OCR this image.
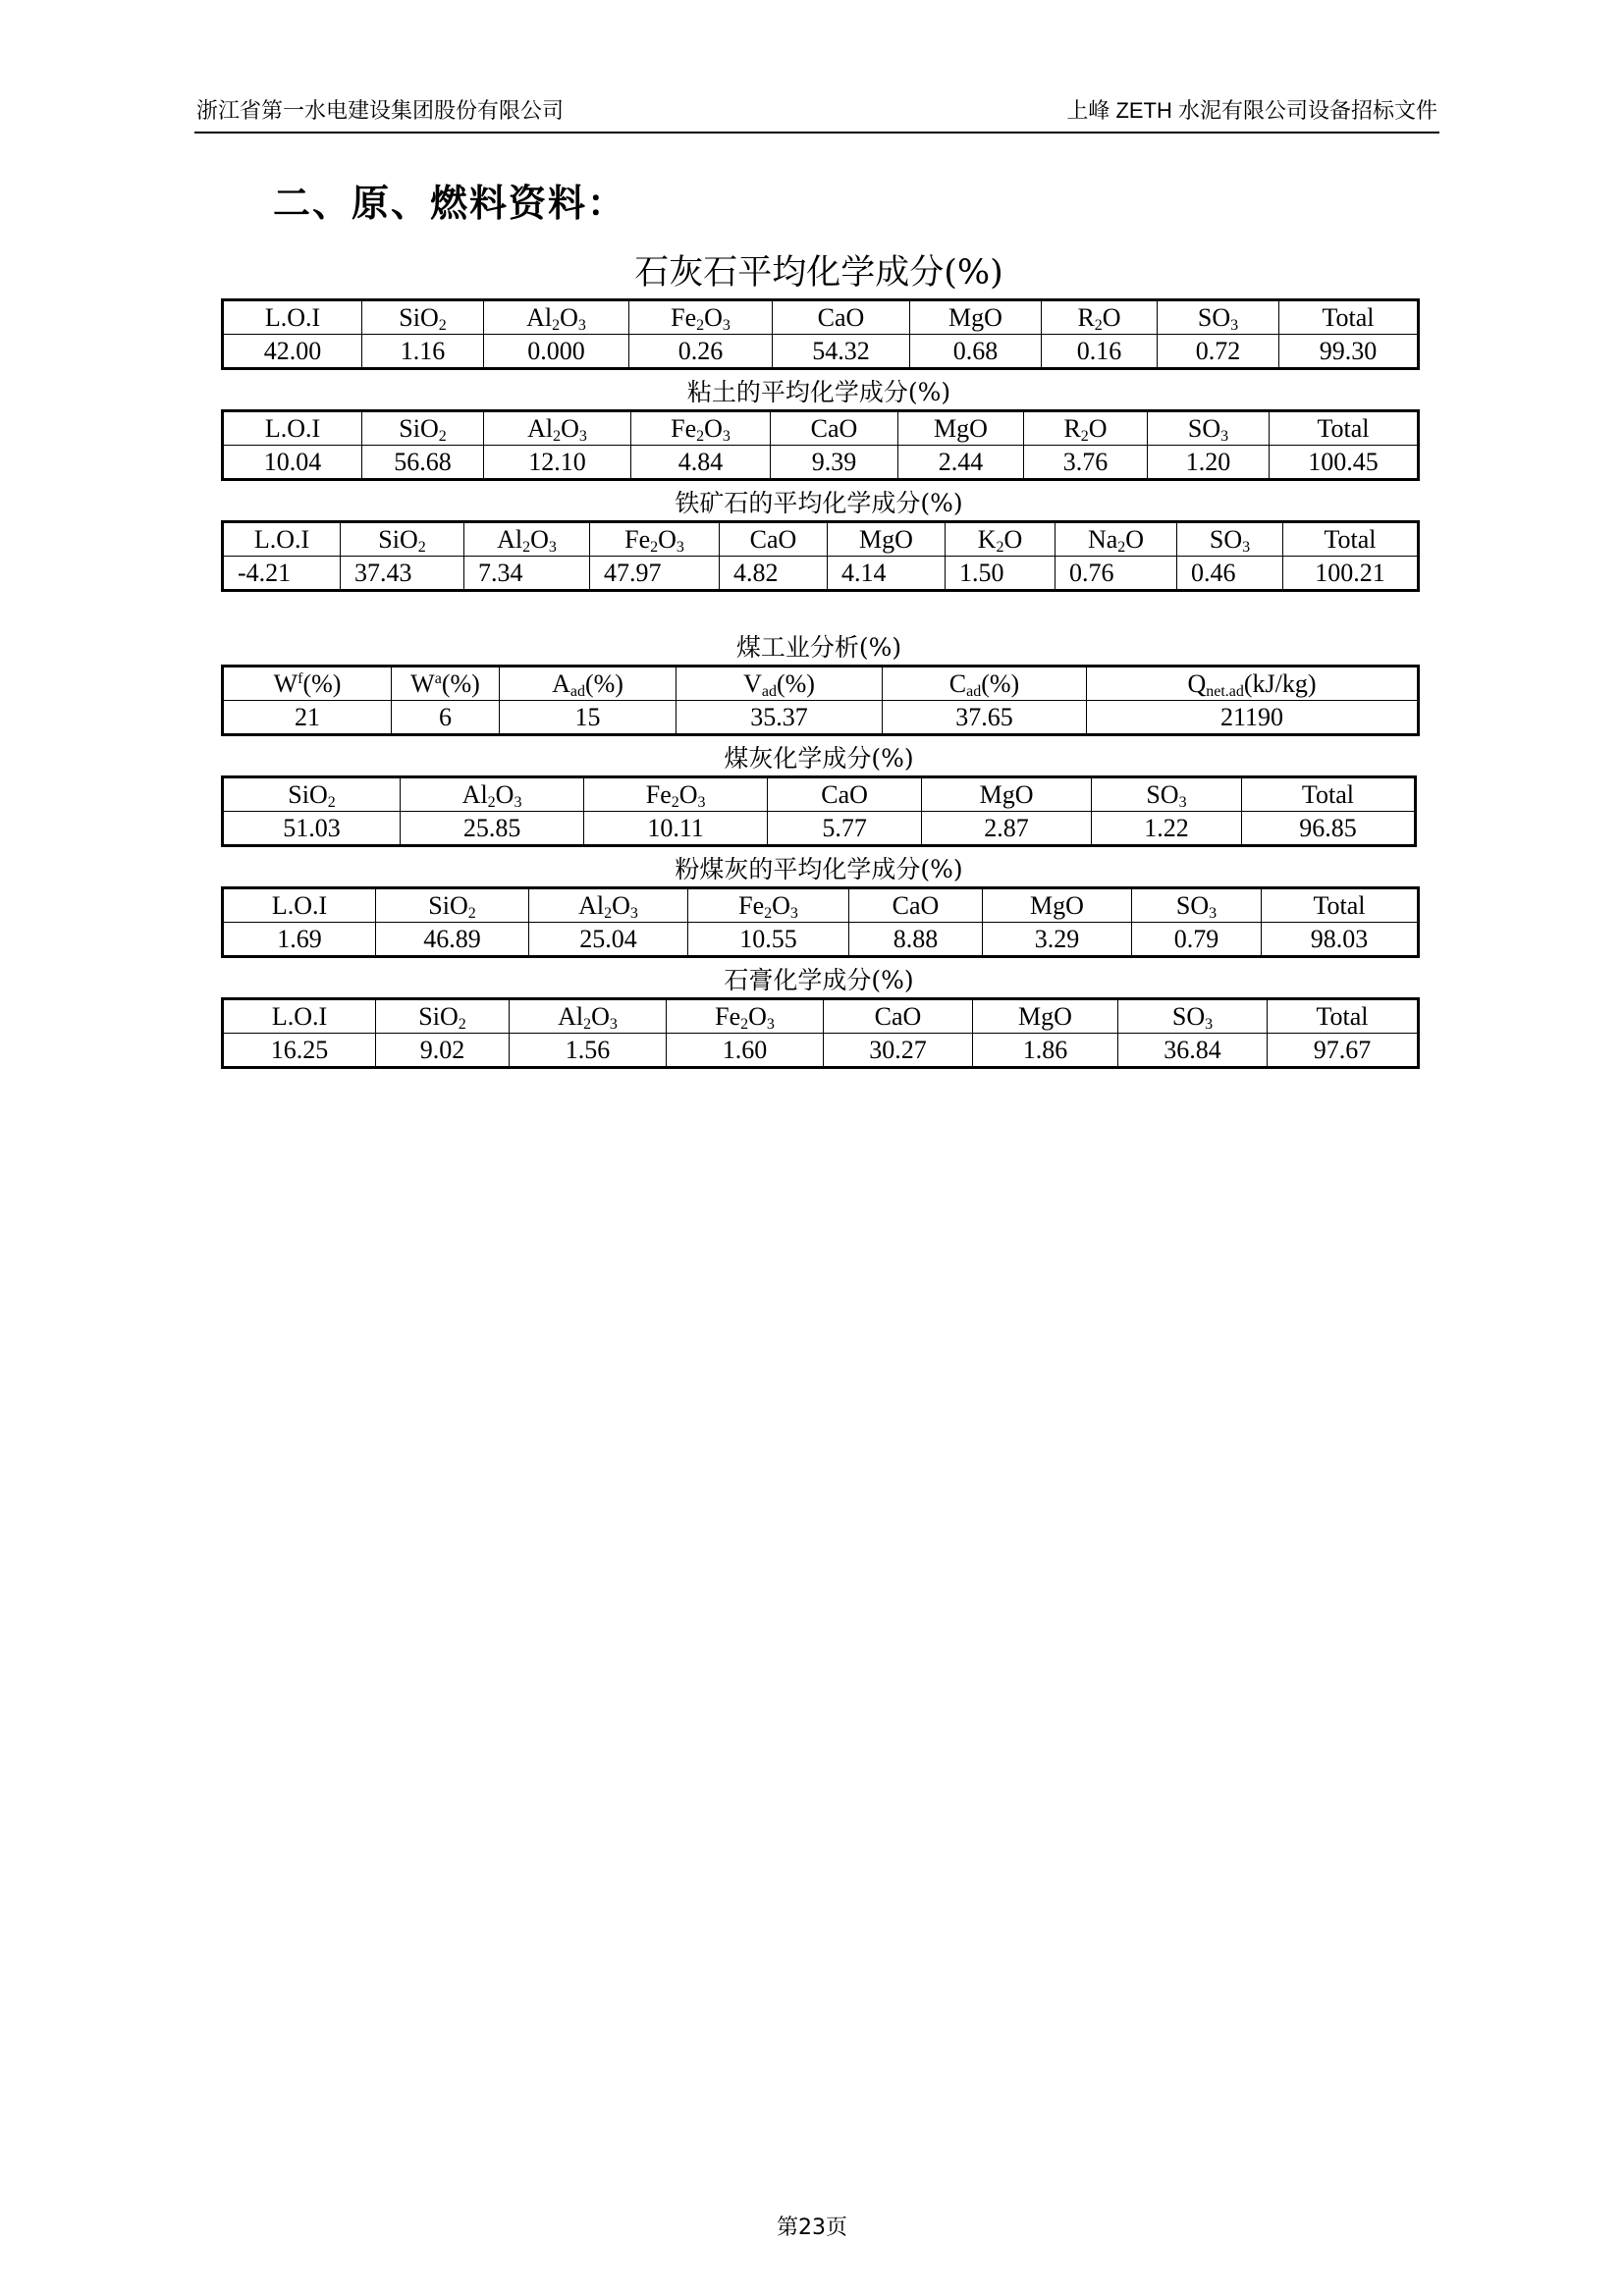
浙江省第一水电建设集团股份有限公司	上峰 ZETH 水泥有限公司设备招标文件
二、原、燃料资料：
石灰石平均化学成分(%)
L.O.I	SiO$_2$	$Al_2O_3$	$Fe_2O_3$	CaO	MgO	$R_2O$	$SO_3$	Total
42.00	1.16	0.000	0.26	54.32	0.68	0.16	0.72	99.30
粘土的平均化学成分(%)
L.O.I	SiO$_2$	$Al_2O_3$	$Fe_2O_3$	CaO	MgO	$R_2O$	$SO_3$	Total
10.04	56.68	12.10	4.84	9.39	2.44	3.76	1.20	100.45
铁矿石的平均化学成分(%)
L.O.I	SiO$_2$	$Al_2O_3$	$Fe_2O_3$	CaO	MgO	$K_2O$	$Na_2O$	$SO_3$	Total
-4.21	37.43	7.34	47.97	4.82	4.14	1.50	0.76	0.46	100.21
煤工业分析(%)
$W^f(\%)$	$W^a(\%)$	$A_{ad}(\%)$	$V_{ad}(\%)$	$C_{ad}(\%)$	$Q_{net.ad}(kJ/kg)$
21	6	15	35.37	37.65	21190
煤灰化学成分(%)
SiO$_2$	$Al_2O_3$	$Fe_2O_3$	CaO	MgO	$SO_3$	Total
51.03	25.85	10.11	5.77	2.87	1.22	96.85
粉煤灰的平均化学成分(%)
L.O.I	SiO$_2$	$Al_2O_3$	$Fe_2O_3$	CaO	MgO	$SO_3$	Total
1.69	46.89	25.04	10.55	8.88	3.29	0.79	98.03
石膏化学成分(%)
L.O.I	SiO$_2$	$Al_2O_3$	$Fe_2O_3$	CaO	MgO	$SO_3$	Total
16.25	9.02	1.56	1.60	30.27	1.86	36.84	97.67
第23页
